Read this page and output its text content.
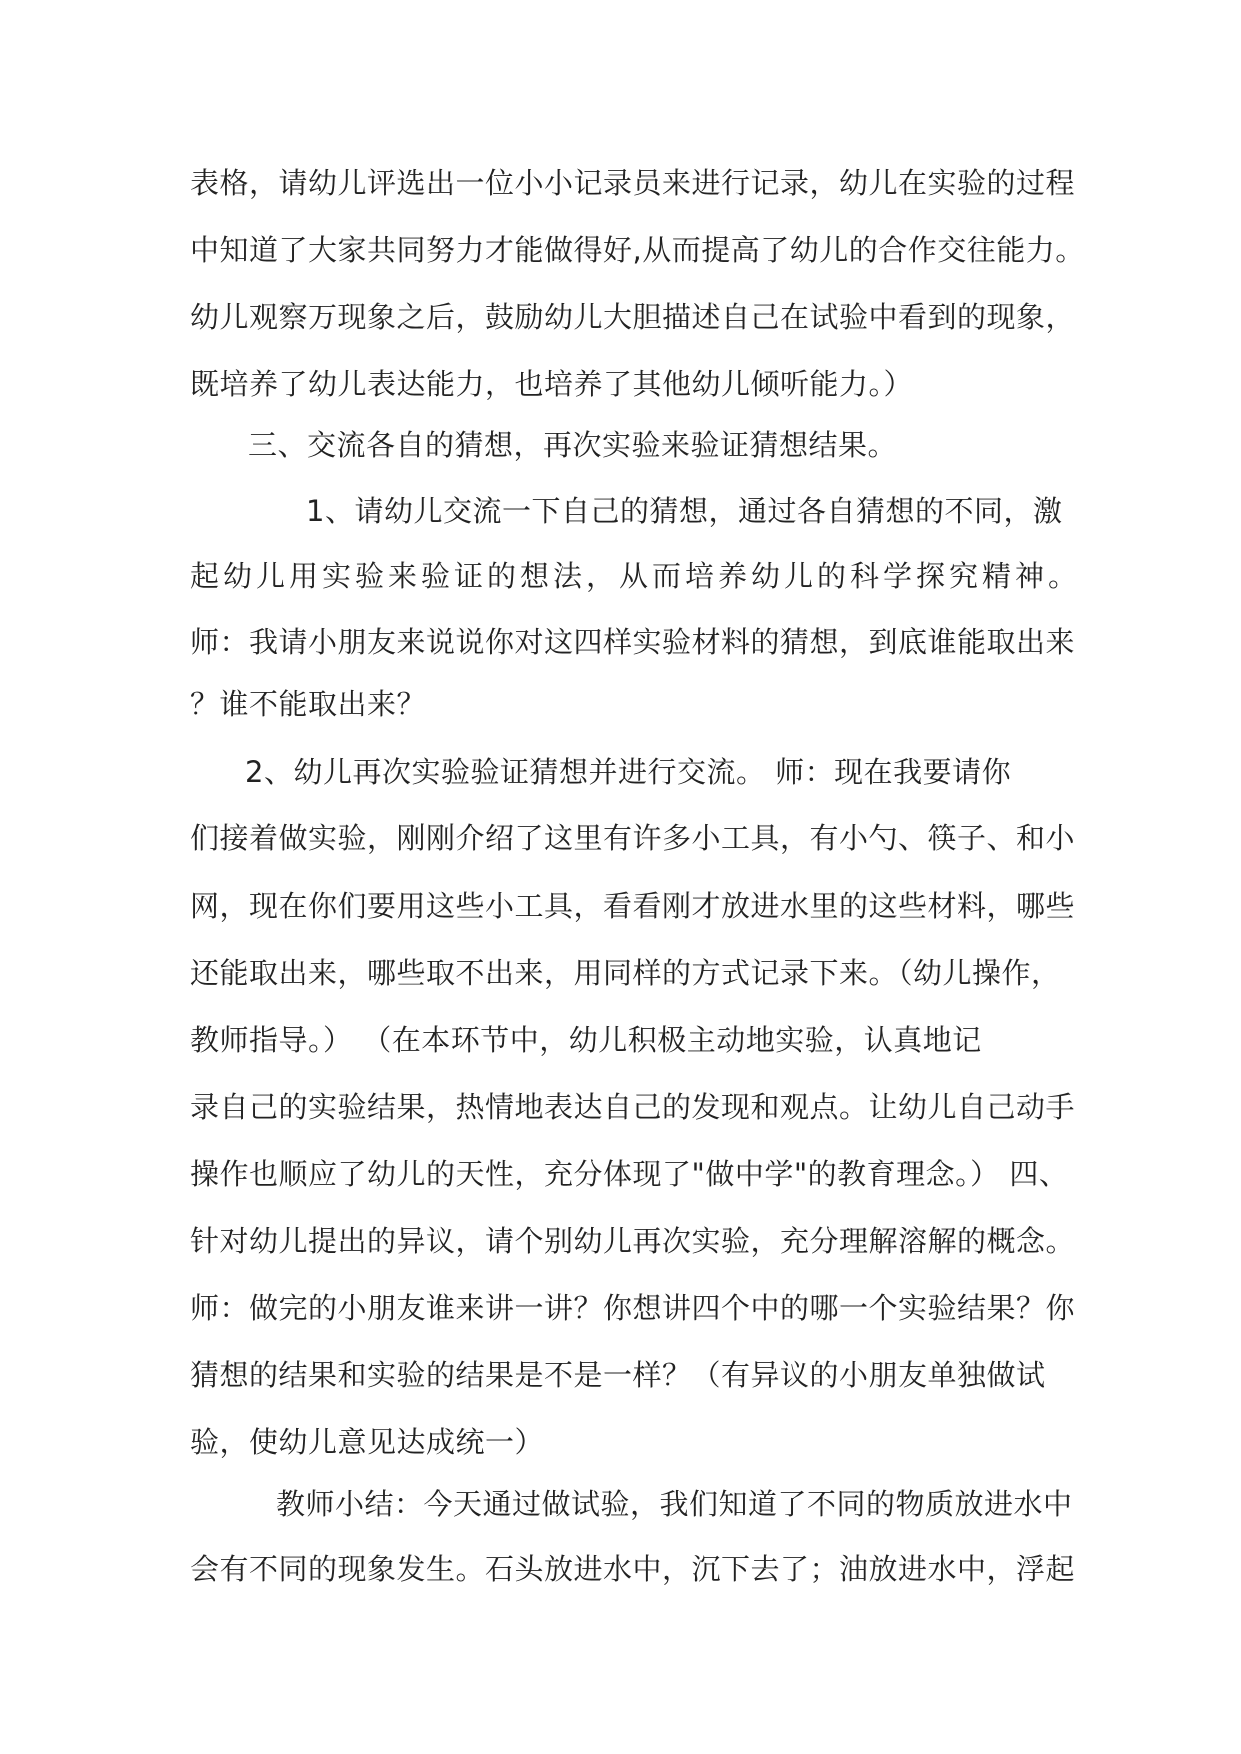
表格，请幼儿评选出一位小小记录员来进行记录，幼儿在实验的过程
中知道了大家共同努力才能做得好,从而提高了幼儿的合作交往能力。
幼儿观察万现象之后，鼓励幼儿大胆描述自己在试验中看到的现象，
既培养了幼儿表达能力，也培养了其他幼儿倾听能力。）
三、交流各自的猜想，再次实验来验证猜想结果。
1、请幼儿交流一下自己的猜想，通过各自猜想的不同，激
起幼儿用实验来验证的想法，从而培养幼儿的科学探究精神。
师：我请小朋友来说说你对这四样实验材料的猜想，到底谁能取出来
？谁不能取出来？
2、幼儿再次实验验证猜想并进行交流。 师：现在我要请你
们接着做实验，刚刚介绍了这里有许多小工具，有小勺、筷子、和小
网，现在你们要用这些小工具，看看刚才放进水里的这些材料，哪些
还能取出来，哪些取不出来，用同样的方式记录下来。（幼儿操作，
教师指导。） （在本环节中，幼儿积极主动地实验，认真地记
录自己的实验结果，热情地表达自己的发现和观点。让幼儿自己动手
操作也顺应了幼儿的天性，充分体现了"做中学"的教育理念。） 四、
针对幼儿提出的异议，请个别幼儿再次实验，充分理解溶解的概念。
师：做完的小朋友谁来讲一讲？你想讲四个中的哪一个实验结果？你
猜想的结果和实验的结果是不是一样？（有异议的小朋友单独做试
验，使幼儿意见达成统一）
教师小结：今天通过做试验，我们知道了不同的物质放进水中
会有不同的现象发生。石头放进水中，沉下去了；油放进水中，浮起
